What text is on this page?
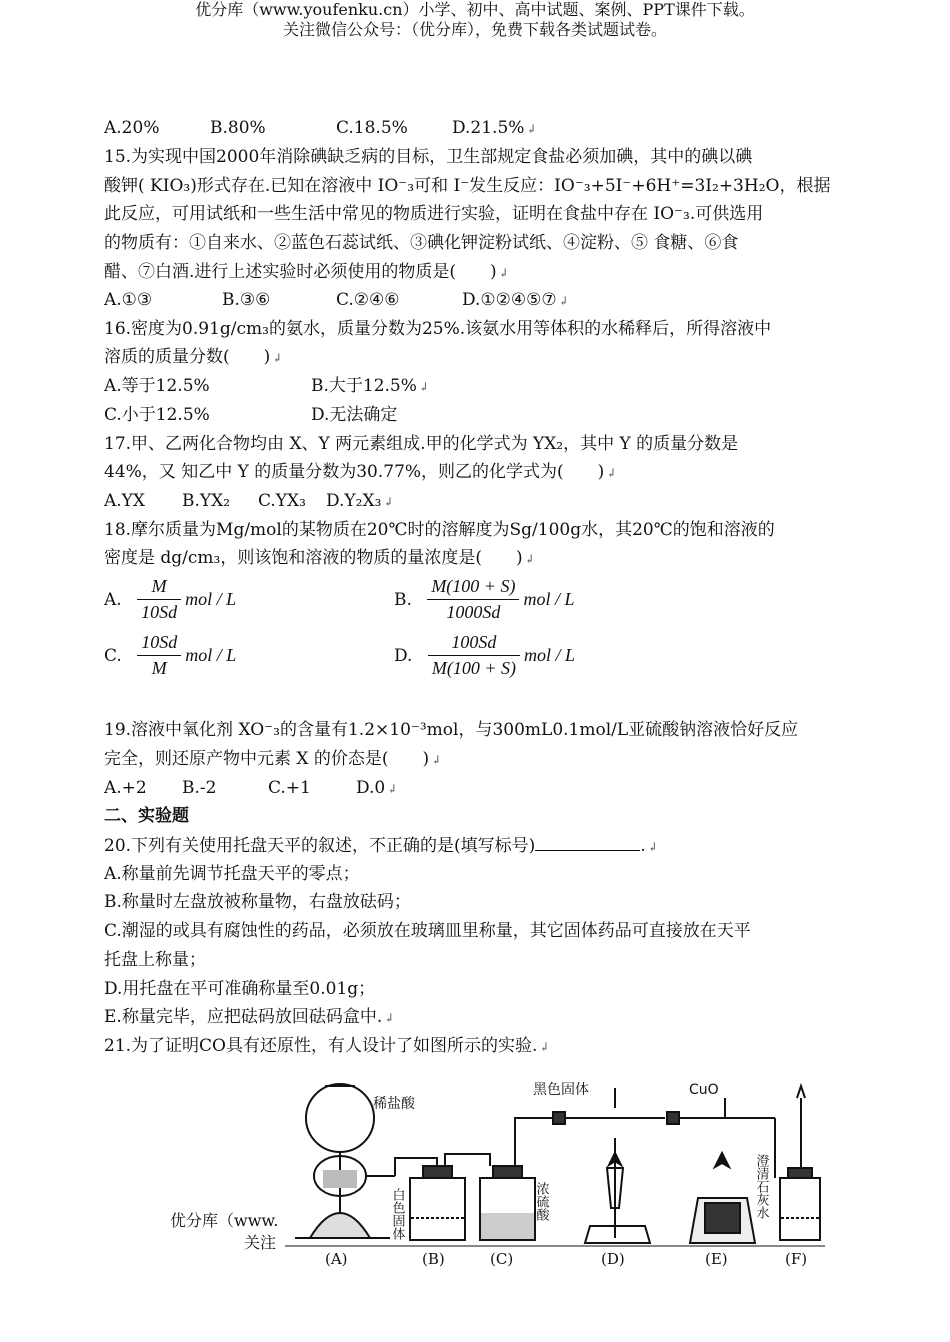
优分库（www.youfenku.cn）小学、初中、高中试题、案例、PPT课件下载。
关注微信公众号：（优分库），免费下载各类试题试卷。
A.20%	B.80%	C.18.5%	D.21.5% ↲
15.为实现中国2000年消除碘缺乏病的目标，卫生部规定食盐必须加碘，其中的碘以碘
酸钾( KIO₃)形式存在.已知在溶液中 IO⁻₃可和 I⁻发生反应：IO⁻₃+5I⁻+6H⁺=3I₂+3H₂O，根据
此反应，可用试纸和一些生活中常见的物质进行实验，证明在食盐中存在 IO⁻₃.可供选用
的物质有：①自来水、②蓝色石蕊试纸、③碘化钾淀粉试纸、④淀粉、⑤ 食糖、⑥食
醋、⑦白酒.进行上述实验时必须使用的物质是(　　) ↲
A.①③	B.③⑥	C.②④⑥	D.①②④⑤⑦ ↲
16.密度为0.91g/cm₃的氨水，质量分数为25%.该氨水用等体积的水稀释后，所得溶液中
溶质的质量分数(　　) ↲
A.等于12.5%	B.大于12.5% ↲
C.小于12.5%	D.无法确定
17.甲、乙两化合物均由 X、Y 两元素组成.甲的化学式为 YX₂，其中 Y 的质量分数是
44%，又 知乙中 Y 的质量分数为30.77%，则乙的化学式为(　　) ↲
A.YX B.YX₂ C.YX₃ D.Y₂X₃ ↲
18.摩尔质量为Mg/mol的某物质在20℃时的溶解度为Sg/100g水，其20℃的饱和溶液的
密度是 dg/cm₃，则该饱和溶液的物质的量浓度是(　　) ↲
A. $\frac{M}{10Sd}$ mol / L	B. $\frac{M(100 + S)}{1000Sd}$ mol / L
C. $\frac{10Sd}{M}$ mol / L	D. $\frac{100Sd}{M(100 + S)}$ mol / L
19.溶液中氧化剂 XO⁻₃的含量有1.2×10⁻³mol，与300mL0.1mol/L亚硫酸钠溶液恰好反应
完全，则还原产物中元素 X 的价态是(　　) ↲
A.+2 B.-2	C.+1	D.0 ↲
二、实验题
20.下列有关使用托盘天平的叙述，不正确的是(填写标号)	. ↲
A.称量前先调节托盘天平的零点；
B.称量时左盘放被称量物，右盘放砝码；
C.潮湿的或具有腐蚀性的药品，必须放在玻璃皿里称量，其它固体药品可直接放在天平
托盘上称量；
D.用托盘在平可准确称量至0.01g；
E.称量完毕，应把砝码放回砝码盒中. ↲
21.为了证明CO具有还原性，有人设计了如图所示的实验. ↲
优分库（www.
关注
稀盐酸
黑色固体	CuO
白色固体	浓硫酸	澄清石灰水
(A)	(B)	(C)	(D)	(E)	(F)
